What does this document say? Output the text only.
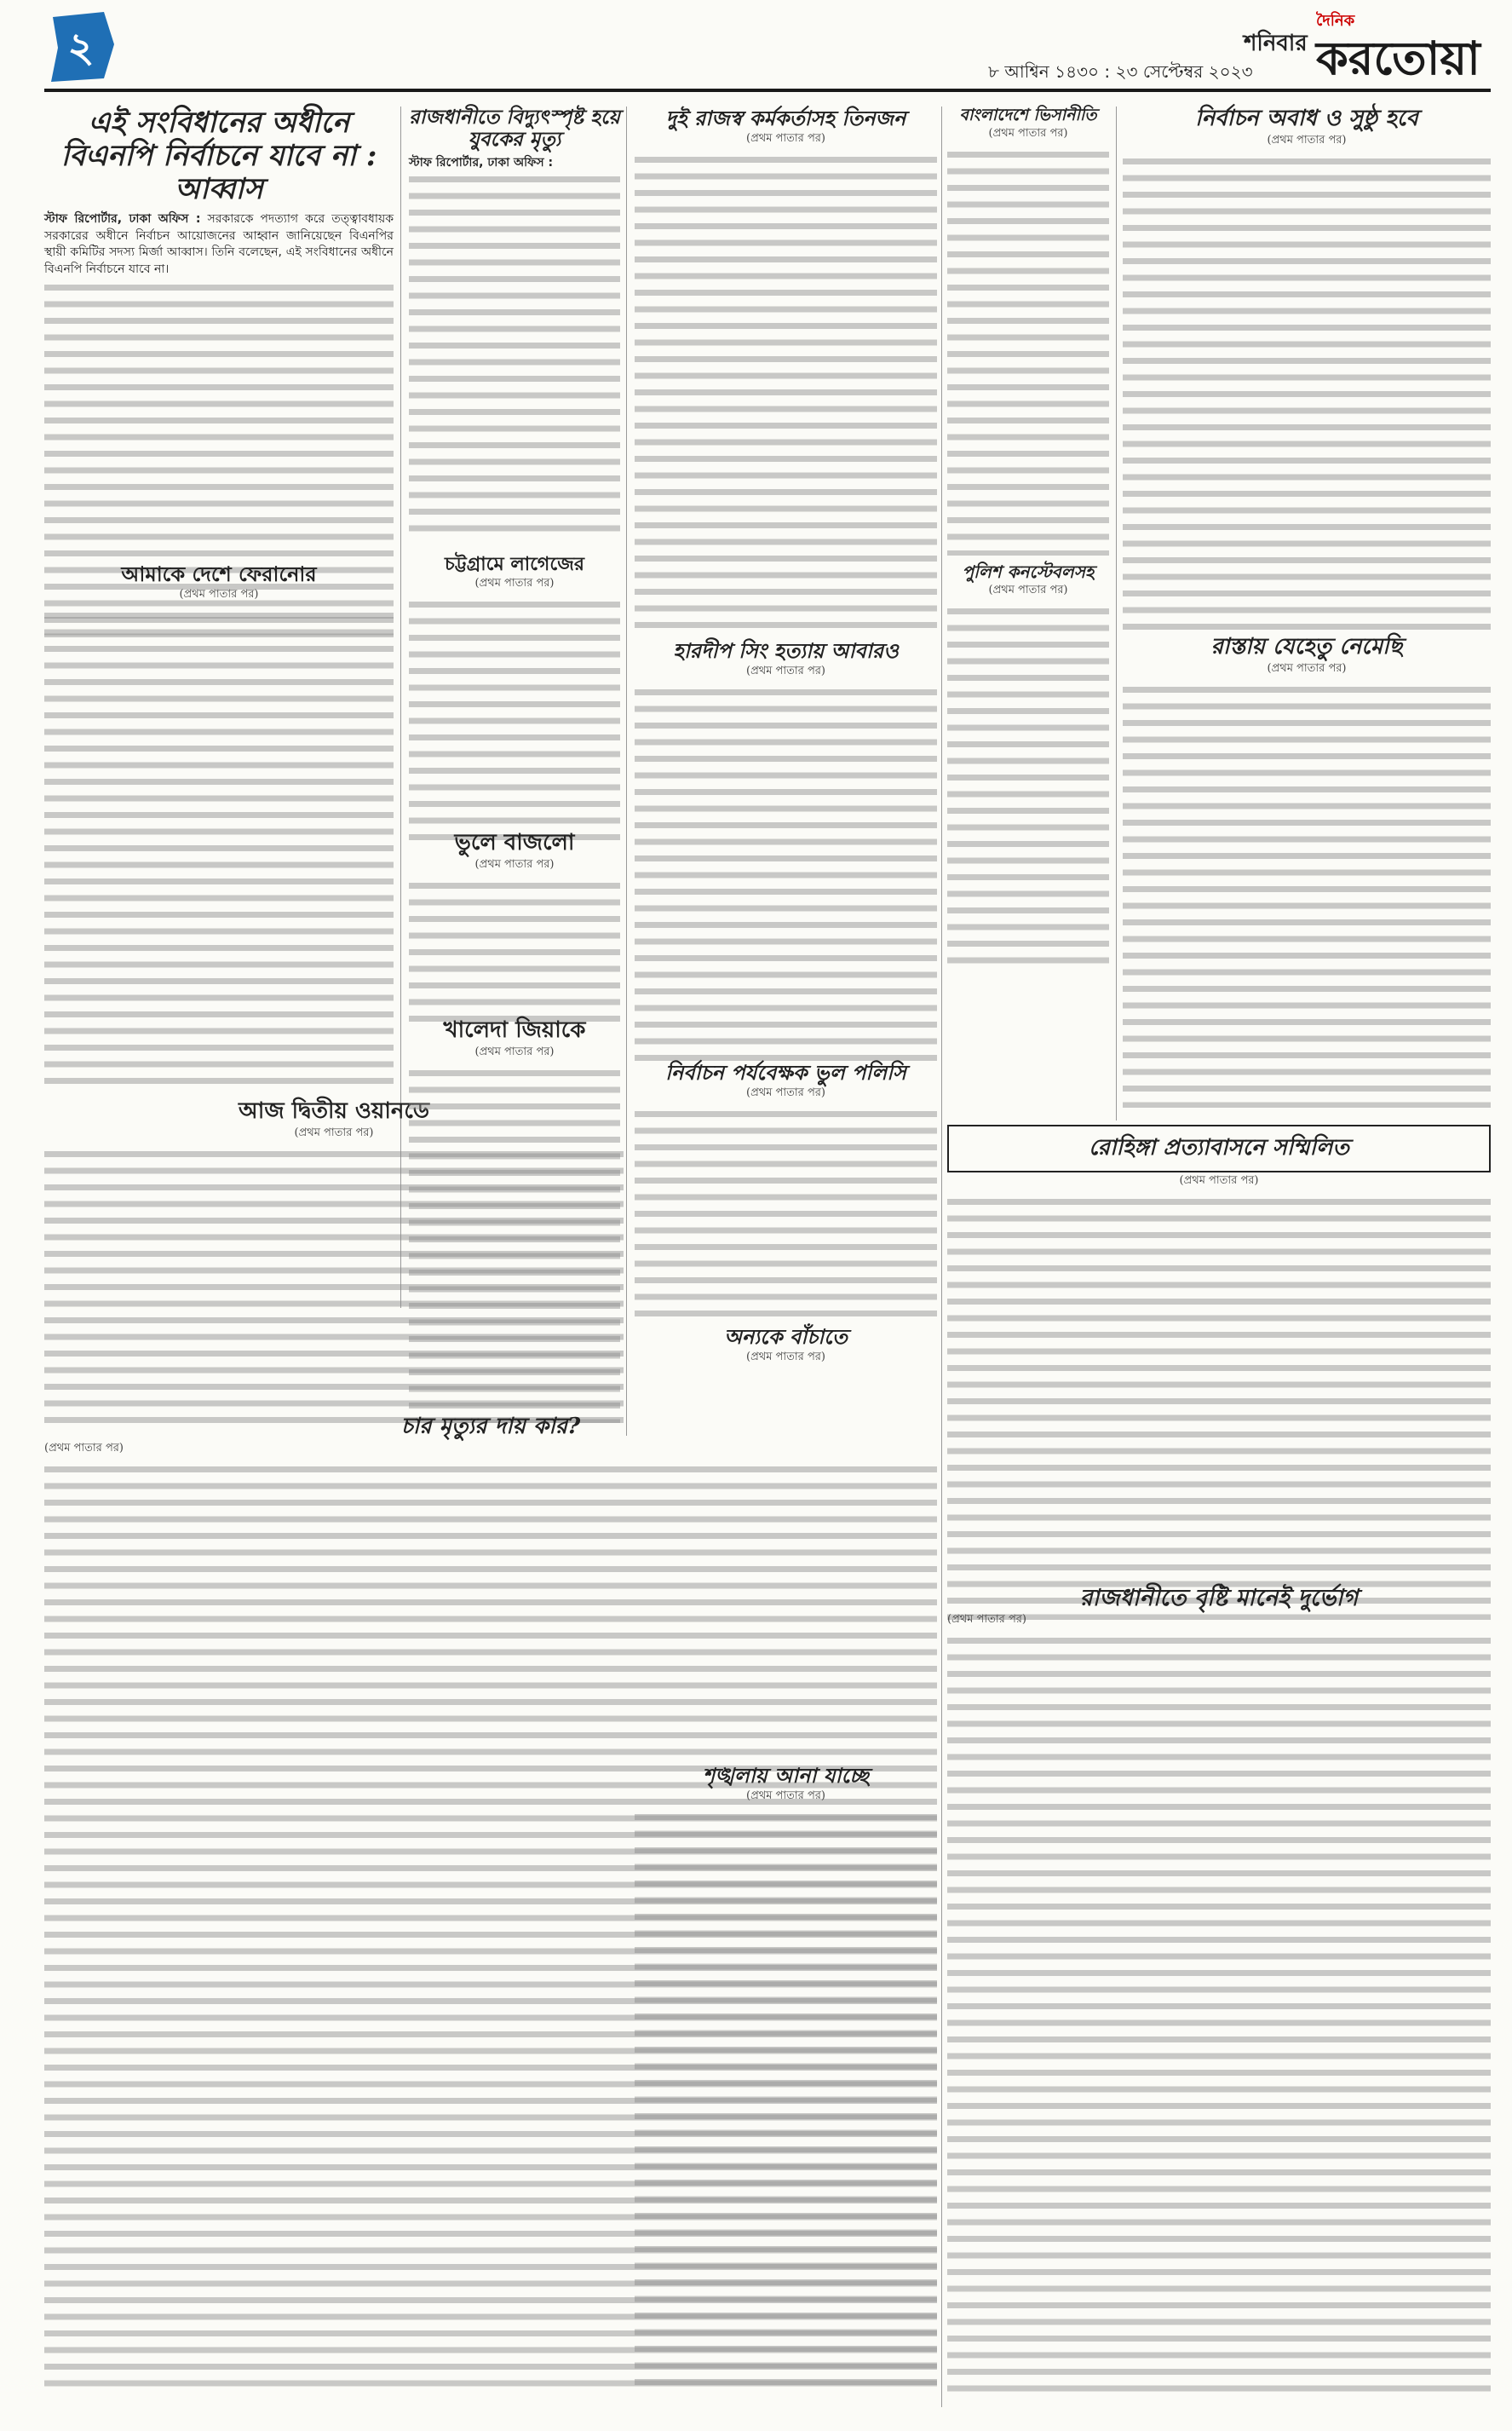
২	শনিবার
দৈনিক
করতোয়া
৮ আশ্বিন ১৪৩০ : ২৩ সেপ্টেম্বর ২০২৩
এই সংবিধানের অধীনে বিএনপি নির্বাচনে যাবে না : আব্বাস
স্টাফ রিপোর্টার, ঢাকা অফিস : সরকারকে পদত্যাগ করে তত্ত্বাবধায়ক সরকারের অধীনে নির্বাচন আয়োজনের আহ্বান জানিয়েছেন বিএনপির স্থায়ী কমিটির সদস্য মির্জা আব্বাস। তিনি বলেছেন, এই সংবিধানের অধীনে বিএনপি নির্বাচনে যাবে না।
আমাকে দেশে ফেরানোর
(প্রথম পাতার পর)
আজ দ্বিতীয় ওয়ানডে
(প্রথম পাতার পর)
রাজধানীতে বিদ্যুৎস্পৃষ্ট হয়ে যুবকের মৃত্যু
স্টাফ রিপোর্টার, ঢাকা অফিস :
চট্টগ্রামে লাগেজের
(প্রথম পাতার পর)
ভুলে বাজলো
(প্রথম পাতার পর)
খালেদা জিয়াকে
(প্রথম পাতার পর)
চার মৃত্যুর দায় কার?
(প্রথম পাতার পর)
দুই রাজস্ব কর্মকর্তাসহ তিনজন
(প্রথম পাতার পর)
হারদীপ সিং হত্যায় আবারও
(প্রথম পাতার পর)
নির্বাচন পর্যবেক্ষক ভুল পলিসি
(প্রথম পাতার পর)
অন্যকে বাঁচাতে
(প্রথম পাতার পর)
শৃঙ্খলায় আনা যাচ্ছে
(প্রথম পাতার পর)
বাংলাদেশে ভিসানীতি
(প্রথম পাতার পর)
পুলিশ কনস্টেবলসহ
(প্রথম পাতার পর)
নির্বাচন অবাধ ও সুষ্ঠু হবে
(প্রথম পাতার পর)
রাস্তায় যেহেতু নেমেছি
(প্রথম পাতার পর)
রোহিঙ্গা প্রত্যাবাসনে সম্মিলিত
(প্রথম পাতার পর)
রাজধানীতে বৃষ্টি মানেই দুর্ভোগ
(প্রথম পাতার পর)
